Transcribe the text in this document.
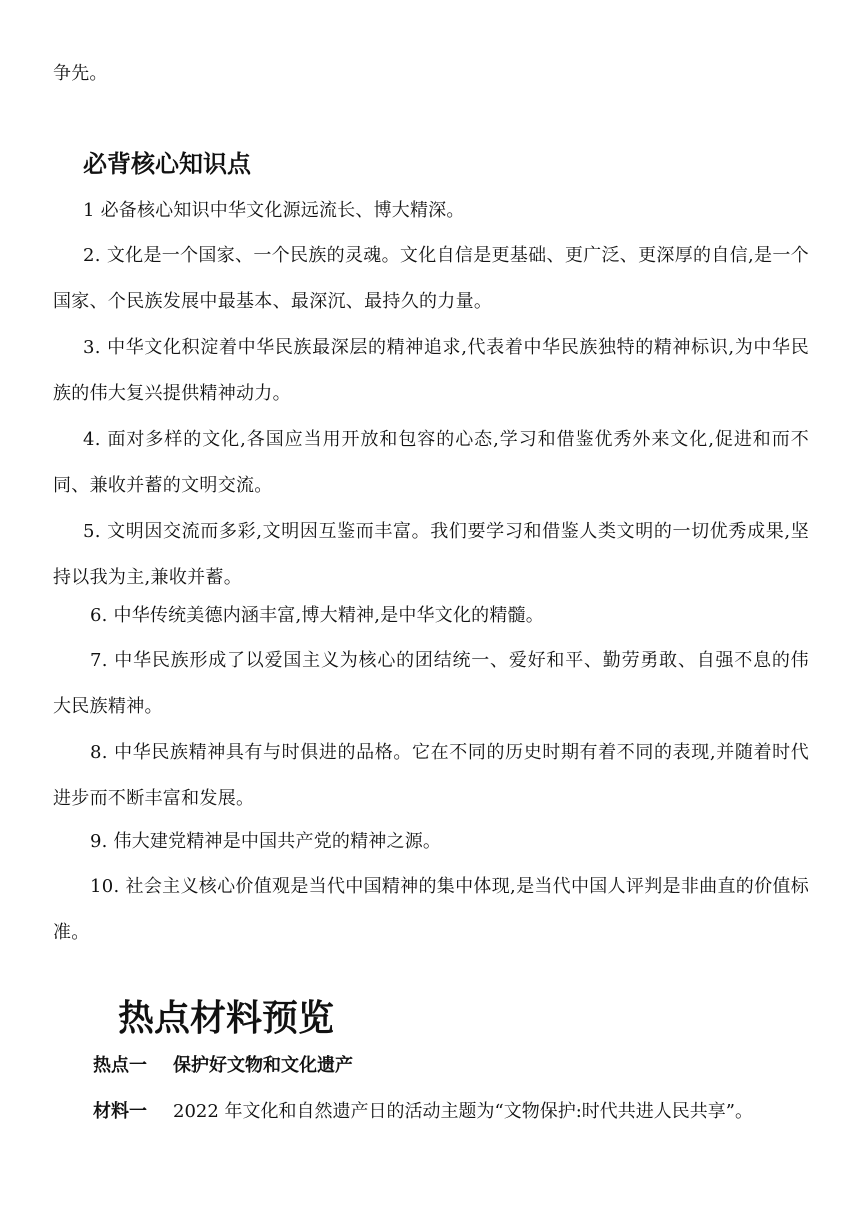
争先。
必背核心知识点
1 必备核心知识中华文化源远流长、博大精深。
2. 文化是一个国家、一个民族的灵魂。文化自信是更基础、更广泛、更深厚的自信,是一个国家、个民族发展中最基本、最深沉、最持久的力量。
3. 中华文化积淀着中华民族最深层的精神追求,代表着中华民族独特的精神标识,为中华民族的伟大复兴提供精神动力。
4. 面对多样的文化,各国应当用开放和包容的心态,学习和借鉴优秀外来文化,促进和而不同、兼收并蓄的文明交流。
5. 文明因交流而多彩,文明因互鉴而丰富。我们要学习和借鉴人类文明的一切优秀成果,坚持以我为主,兼收并蓄。
6. 中华传统美德内涵丰富,博大精神,是中华文化的精髓。
7. 中华民族形成了以爱国主义为核心的团结统一、爱好和平、勤劳勇敢、自强不息的伟大民族精神。
8. 中华民族精神具有与时俱进的品格。它在不同的历史时期有着不同的表现,并随着时代进步而不断丰富和发展。
9. 伟大建党精神是中国共产党的精神之源。
10. 社会主义核心价值观是当代中国精神的集中体现,是当代中国人评判是非曲直的价值标准。
热点材料预览
热点一 保护好文物和文化遗产
材料一 2022 年文化和自然遗产日的活动主题为“文物保护:时代共进人民共享”。
